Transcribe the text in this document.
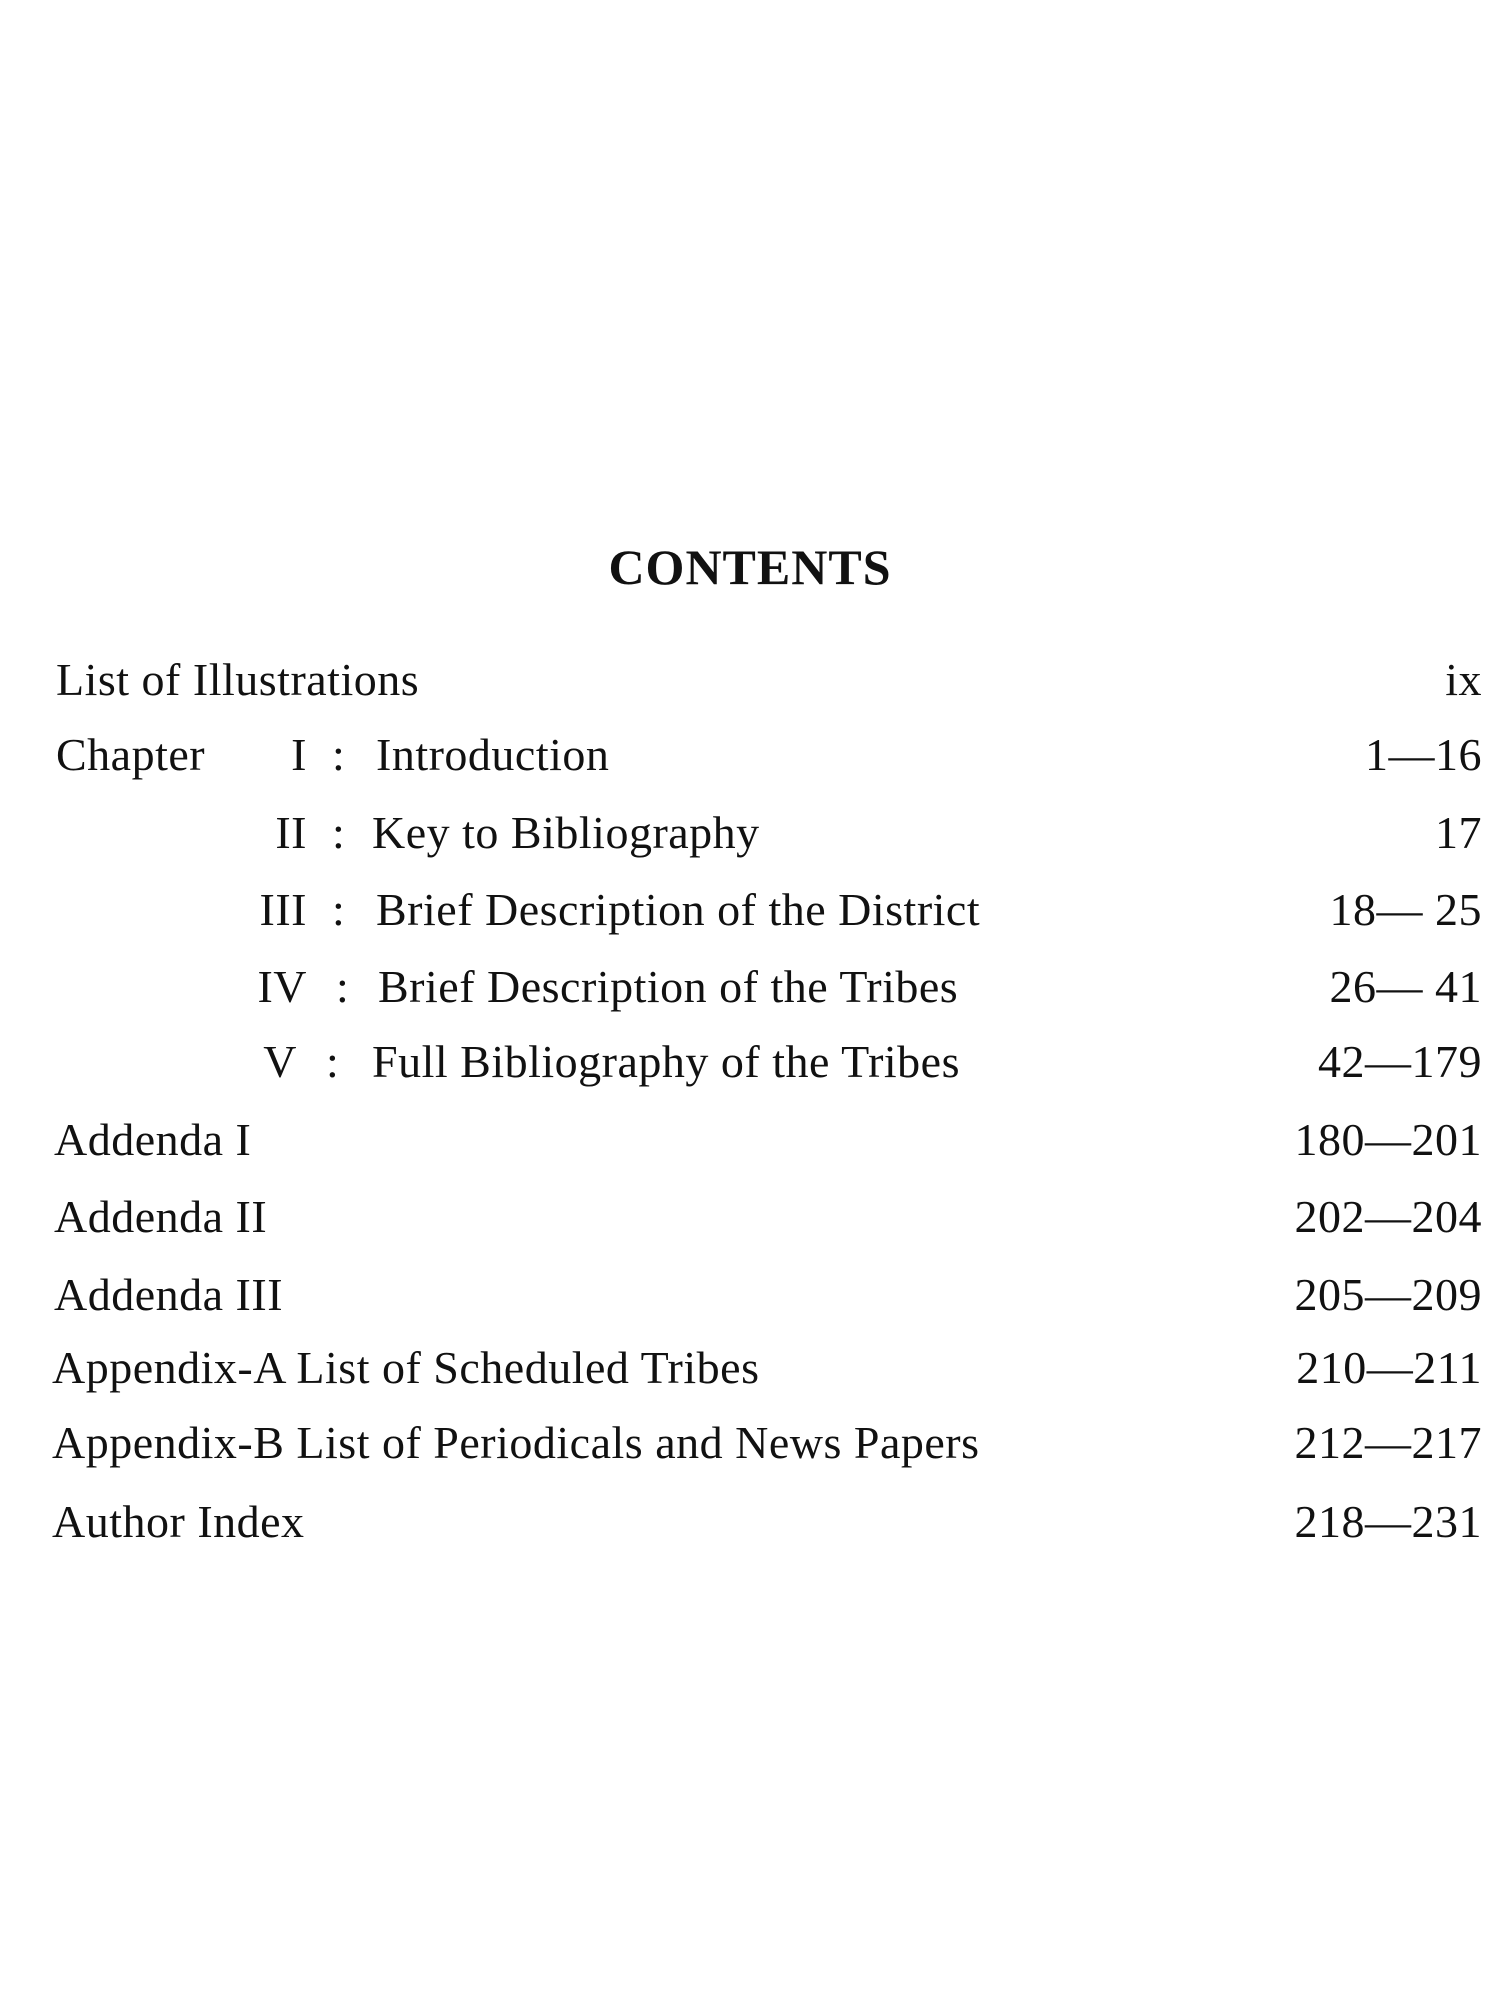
CONTENTS
List of Illustrations	ix
Chapter I : Introduction	1—16
II : Key to Bibliography	17
III : Brief Description of the District	18— 25
IV : Brief Description of the Tribes	26— 41
V : Full Bibliography of the Tribes	42—179
Addenda I	180—201
Addenda II	202—204
Addenda III	205—209
Appendix-A List of Scheduled Tribes	210—211
Appendix-B List of Periodicals and News Papers	212—217
Author Index	218—231
